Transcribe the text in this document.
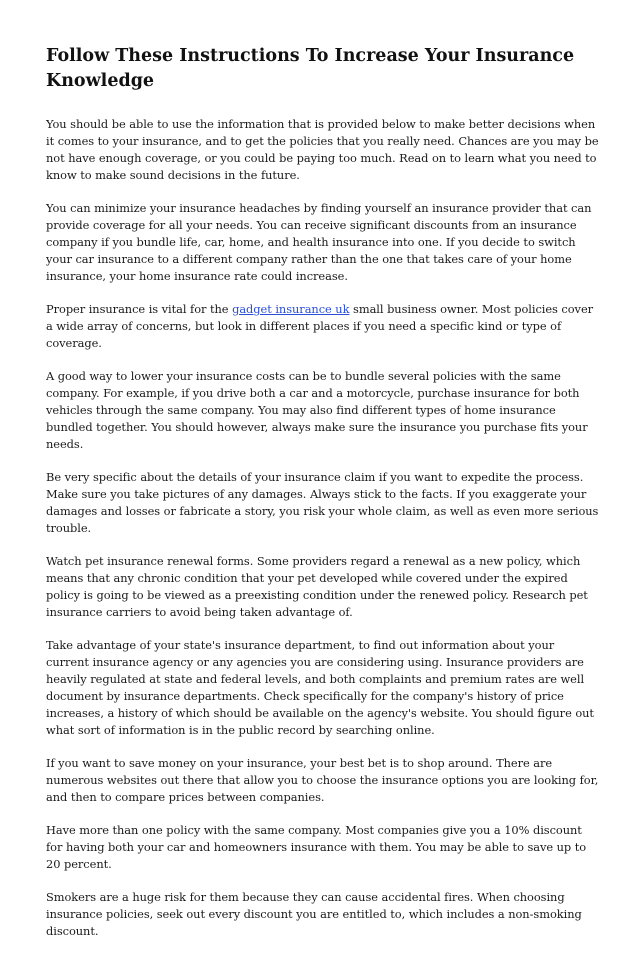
Follow These Instructions To Increase Your Insurance Knowledge

You should be able to use the information that is provided below to make better decisions when it comes to your insurance, and to get the policies that you really need. Chances are you may be not have enough coverage, or you could be paying too much. Read on to learn what you need to know to make sound decisions in the future.

You can minimize your insurance headaches by finding yourself an insurance provider that can provide coverage for all your needs. You can receive significant discounts from an insurance company if you bundle life, car, home, and health insurance into one. If you decide to switch your car insurance to a different company rather than the one that takes care of your home insurance, your home insurance rate could increase.

Proper insurance is vital for the gadget insurance uk small business owner. Most policies cover a wide array of concerns, but look in different places if you need a specific kind or type of coverage.

A good way to lower your insurance costs can be to bundle several policies with the same company. For example, if you drive both a car and a motorcycle, purchase insurance for both vehicles through the same company. You may also find different types of home insurance bundled together. You should however, always make sure the insurance you purchase fits your needs.

Be very specific about the details of your insurance claim if you want to expedite the process. Make sure you take pictures of any damages. Always stick to the facts. If you exaggerate your damages and losses or fabricate a story, you risk your whole claim, as well as even more serious trouble.

Watch pet insurance renewal forms. Some providers regard a renewal as a new policy, which means that any chronic condition that your pet developed while covered under the expired policy is going to be viewed as a preexisting condition under the renewed policy. Research pet insurance carriers to avoid being taken advantage of.

Take advantage of your state's insurance department, to find out information about your current insurance agency or any agencies you are considering using. Insurance providers are heavily regulated at state and federal levels, and both complaints and premium rates are well document by insurance departments. Check specifically for the company's history of price increases, a history of which should be available on the agency's website. You should figure out what sort of information is in the public record by searching online.

If you want to save money on your insurance, your best bet is to shop around. There are numerous websites out there that allow you to choose the insurance options you are looking for, and then to compare prices between companies.

Have more than one policy with the same company. Most companies give you a 10% discount for having both your car and homeowners insurance with them. You may be able to save up to 20 percent.

Smokers are a huge risk for them because they can cause accidental fires. When choosing insurance policies, seek out every discount you are entitled to, which includes a non-smoking discount.
